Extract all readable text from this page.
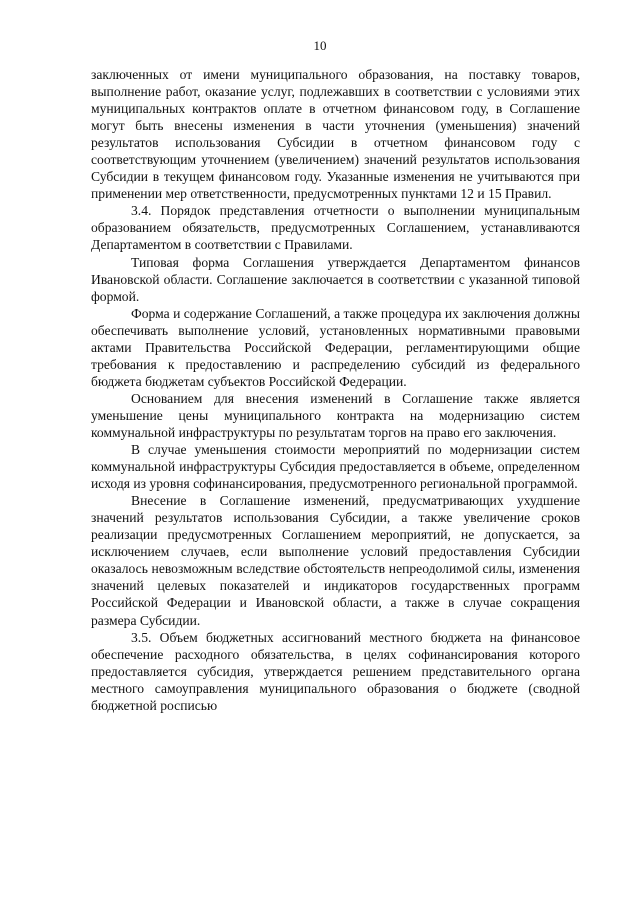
10

заключенных от имени муниципального образования, на поставку товаров, выполнение работ, оказание услуг, подлежавших в соответствии с условиями этих муниципальных контрактов оплате в отчетном финансовом году, в Соглашение могут быть внесены изменения в части уточнения (уменьшения) значений результатов использования Субсидии в отчетном финансовом году с соответствующим уточнением (увеличением) значений результатов использования Субсидии в текущем финансовом году. Указанные изменения не учитываются при применении мер ответственности, предусмотренных пунктами 12 и 15 Правил.

3.4. Порядок представления отчетности о выполнении муниципальным образованием обязательств, предусмотренных Соглашением, устанавливаются Департаментом в соответствии с Правилами.

Типовая форма Соглашения утверждается Департаментом финансов Ивановской области. Соглашение заключается в соответствии с указанной типовой формой.

Форма и содержание Соглашений, а также процедура их заключения должны обеспечивать выполнение условий, установленных нормативными правовыми актами Правительства Российской Федерации, регламентирующими общие требования к предоставлению и распределению субсидий из федерального бюджета бюджетам субъектов Российской Федерации.

Основанием для внесения изменений в Соглашение также является уменьшение цены муниципального контракта на модернизацию систем коммунальной инфраструктуры по результатам торгов на право его заключения.

В случае уменьшения стоимости мероприятий по модернизации систем коммунальной инфраструктуры Субсидия предоставляется в объеме, определенном исходя из уровня софинансирования, предусмотренного региональной программой.

Внесение в Соглашение изменений, предусматривающих ухудшение значений результатов использования Субсидии, а также увеличение сроков реализации предусмотренных Соглашением мероприятий, не допускается, за исключением случаев, если выполнение условий предоставления Субсидии оказалось невозможным вследствие обстоятельств непреодолимой силы, изменения значений целевых показателей и индикаторов государственных программ Российской Федерации и Ивановской области, а также в случае сокращения размера Субсидии.

3.5. Объем бюджетных ассигнований местного бюджета на финансовое обеспечение расходного обязательства, в целях софинансирования которого предоставляется субсидия, утверждается решением представительного органа местного самоуправления муниципального образования о бюджете (сводной бюджетной росписью
